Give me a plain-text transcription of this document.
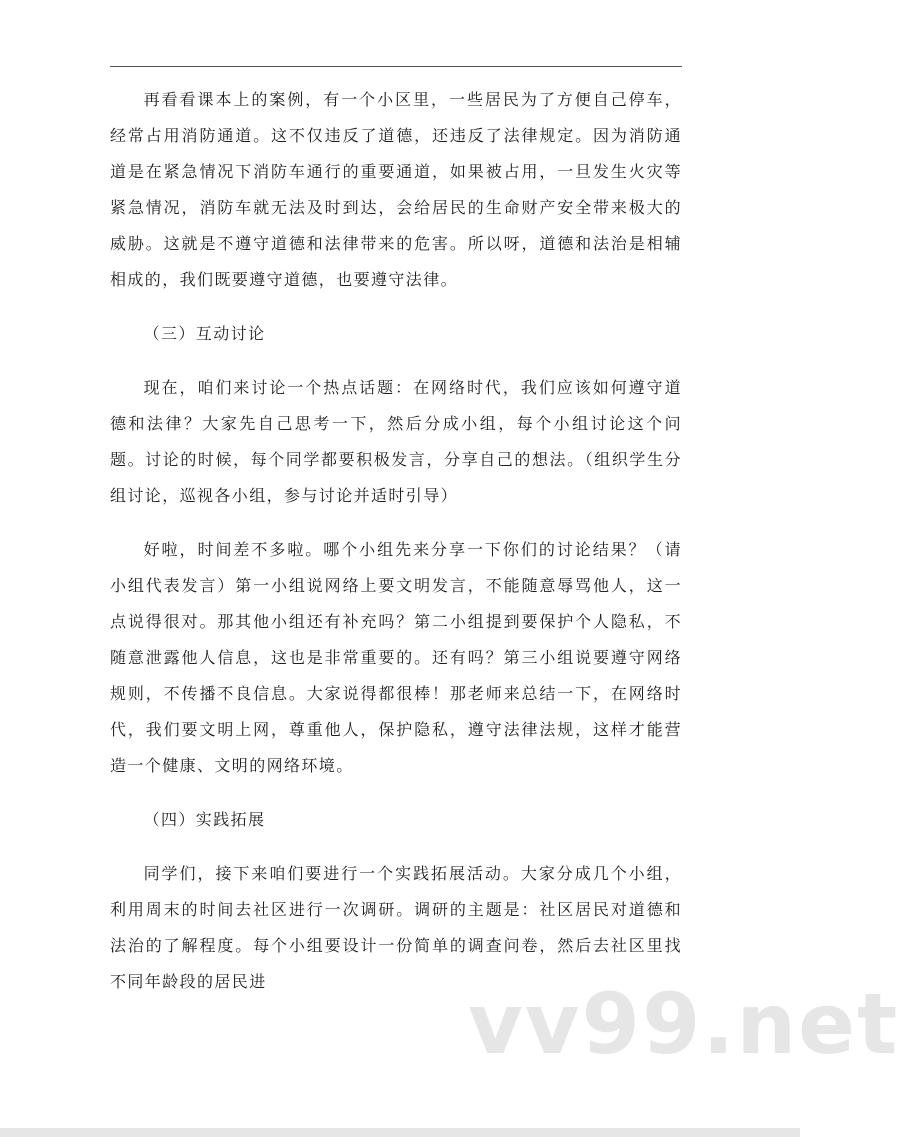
再看看课本上的案例，有一个小区里，一些居民为了方便自己停车，经常占用消防通道。这不仅违反了道德，还违反了法律规定。因为消防通道是在紧急情况下消防车通行的重要通道，如果被占用，一旦发生火灾等紧急情况，消防车就无法及时到达，会给居民的生命财产安全带来极大的威胁。这就是不遵守道德和法律带来的危害。所以呀，道德和法治是相辅相成的，我们既要遵守道德，也要遵守法律。

（三）互动讨论

现在，咱们来讨论一个热点话题：在网络时代，我们应该如何遵守道德和法律？大家先自己思考一下，然后分成小组，每个小组讨论这个问题。讨论的时候，每个同学都要积极发言，分享自己的想法。（组织学生分组讨论，巡视各小组，参与讨论并适时引导）

好啦，时间差不多啦。哪个小组先来分享一下你们的讨论结果？（请小组代表发言）第一小组说网络上要文明发言，不能随意辱骂他人，这一点说得很对。那其他小组还有补充吗？第二小组提到要保护个人隐私，不随意泄露他人信息，这也是非常重要的。还有吗？第三小组说要遵守网络规则，不传播不良信息。大家说得都很棒！那老师来总结一下，在网络时代，我们要文明上网，尊重他人，保护隐私，遵守法律法规，这样才能营造一个健康、文明的网络环境。

（四）实践拓展

同学们，接下来咱们要进行一个实践拓展活动。大家分成几个小组，利用周末的时间去社区进行一次调研。调研的主题是：社区居民对道德和法治的了解程度。每个小组要设计一份简单的调查问卷，然后去社区里找不同年龄段的居民进	vv99.net
